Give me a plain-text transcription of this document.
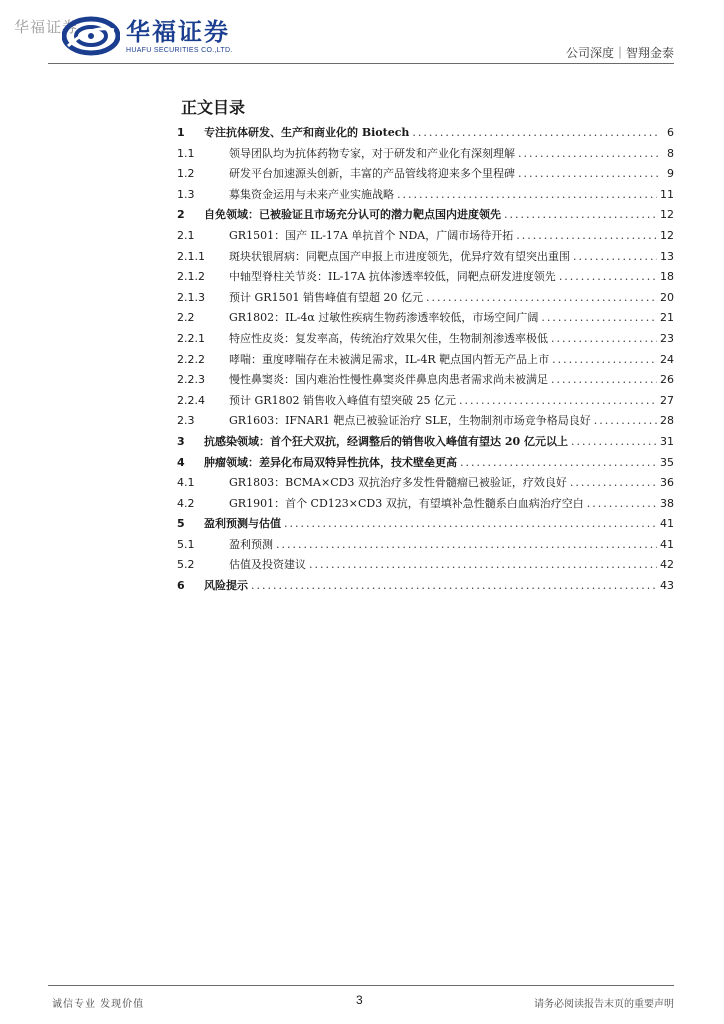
华福证券 华福证券
HUAFU SECURITIES CO.,LTD.	公司深度｜智翔金泰
正文目录
1	专注抗体研发、生产和商业化的 Biotech .....	6
1.1	领导团队均为抗体药物专家，对于研发和产业化有深刻理解 .....	8
1.2	研发平台加速源头创新，丰富的产品管线将迎来多个里程碑 .....	9
1.3	募集资金运用与未来产业实施战略 .....	11
2	自免领域：已被验证且市场充分认可的潜力靶点国内进度领先 .....	12
2.1	GR1501：国产 IL-17A 单抗首个 NDA，广阔市场待开拓 .....	12
2.1.1	斑块状银屑病：同靶点国产申报上市进度领先，优异疗效有望突出重围 .....	13
2.1.2	中轴型脊柱关节炎：IL-17A 抗体渗透率较低，同靶点研发进度领先 .....	18
2.1.3	预计 GR1501 销售峰值有望超 20 亿元 .....	20
2.2	GR1802：IL-4α 过敏性疾病生物药渗透率较低，市场空间广阔 .....	21
2.2.1	特应性皮炎：复发率高，传统治疗效果欠佳，生物制剂渗透率极低 .....	23
2.2.2	哮喘：重度哮喘存在未被满足需求，IL-4R 靶点国内暂无产品上市 .....	24
2.2.3	慢性鼻窦炎：国内难治性慢性鼻窦炎伴鼻息肉患者需求尚未被满足 .....	26
2.2.4	预计 GR1802 销售收入峰值有望突破 25 亿元 .....	27
2.3	GR1603：IFNAR1 靶点已被验证治疗 SLE，生物制剂市场竞争格局良好 .....	28
3	抗感染领域：首个狂犬双抗，经调整后的销售收入峰值有望达 20 亿元以上 .....	31
4	肿瘤领域：差异化布局双特异性抗体，技术壁垒更高 .....	35
4.1	GR1803：BCMA×CD3 双抗治疗多发性骨髓瘤已被验证，疗效良好 .....	36
4.2	GR1901：首个 CD123×CD3 双抗，有望填补急性髓系白血病治疗空白 .....	38
5	盈利预测与估值 .....	41
5.1	盈利预测 .....	41
5.2	估值及投资建议 .....	42
6	风险提示 .....	43
诚信专业 发现价值	3	请务必阅读报告末页的重要声明
